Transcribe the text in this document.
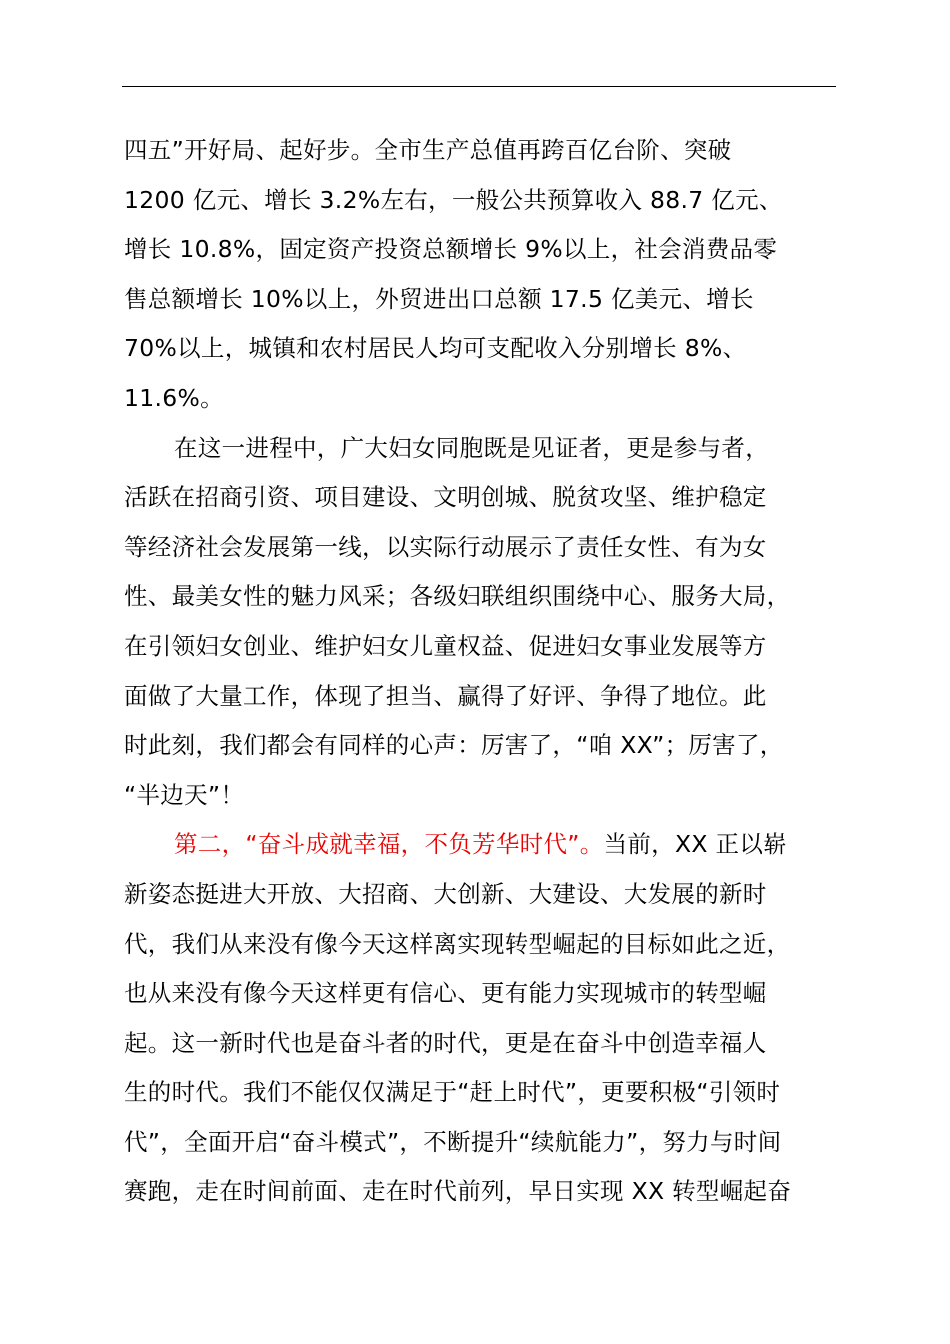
四五”开好局、起好步。全市生产总值再跨百亿台阶、突破
1200 亿元、增长 3.2%左右，一般公共预算收入 88.7 亿元、
增长 10.8%，固定资产投资总额增长 9%以上，社会消费品零
售总额增长 10%以上，外贸进出口总额 17.5 亿美元、增长
70%以上，城镇和农村居民人均可支配收入分别增长 8%、
11.6%。
在这一进程中，广大妇女同胞既是见证者，更是参与者，
活跃在招商引资、项目建设、文明创城、脱贫攻坚、维护稳定
等经济社会发展第一线，以实际行动展示了责任女性、有为女
性、最美女性的魅力风采；各级妇联组织围绕中心、服务大局，
在引领妇女创业、维护妇女儿童权益、促进妇女事业发展等方
面做了大量工作，体现了担当、赢得了好评、争得了地位。此
时此刻，我们都会有同样的心声：厉害了，“咱 XX”；厉害了，
“半边天”！
第二，“奋斗成就幸福，不负芳华时代”。当前，XX 正以崭
新姿态挺进大开放、大招商、大创新、大建设、大发展的新时
代，我们从来没有像今天这样离实现转型崛起的目标如此之近，
也从来没有像今天这样更有信心、更有能力实现城市的转型崛
起。这一新时代也是奋斗者的时代，更是在奋斗中创造幸福人
生的时代。我们不能仅仅满足于“赶上时代”，更要积极“引领时
代”，全面开启“奋斗模式”，不断提升“续航能力”，努力与时间
赛跑，走在时间前面、走在时代前列，早日实现 XX 转型崛起奋
